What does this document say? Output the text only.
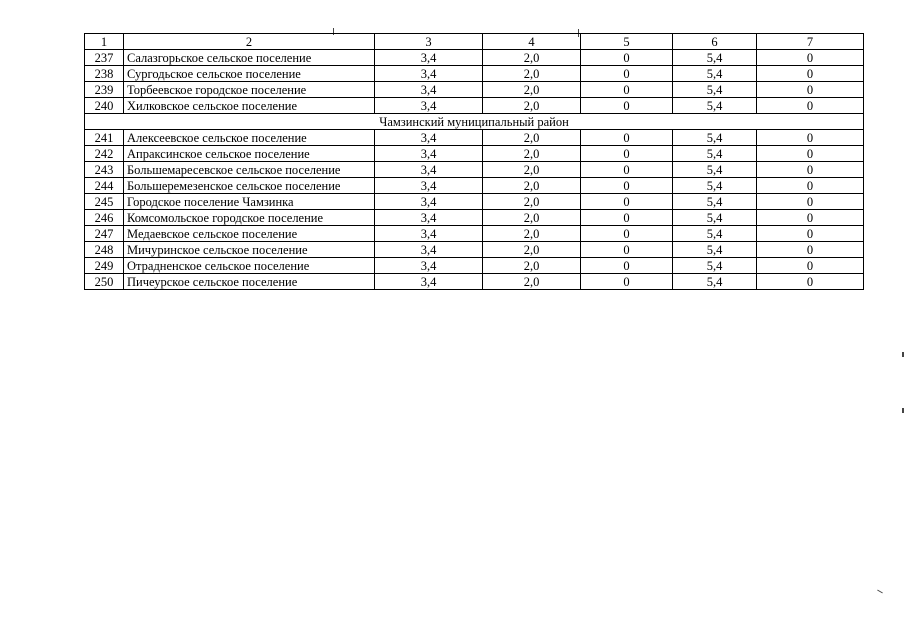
1	2	3	4	5	6	7
237	Салазгорьское сельское поселение	3,4	2,0	0	5,4	0
238	Сургодьское сельское поселение	3,4	2,0	0	5,4	0
239	Торбеевское городское поселение	3,4	2,0	0	5,4	0
240	Хилковское сельское поселение	3,4	2,0	0	5,4	0
Чамзинский муниципальный район						
241	Алексеевское сельское поселение	3,4	2,0	0	5,4	0
242	Апраксинское сельское поселение	3,4	2,0	0	5,4	0
243	Большемаресевское сельское поселение	3,4	2,0	0	5,4	0
244	Большеремезенское сельское поселение	3,4	2,0	0	5,4	0
245	Городское поселение Чамзинка	3,4	2,0	0	5,4	0
246	Комсомольское городское поселение	3,4	2,0	0	5,4	0
247	Медаевское сельское поселение	3,4	2,0	0	5,4	0
248	Мичуринское сельское поселение	3,4	2,0	0	5,4	0
249	Отрадненское сельское поселение	3,4	2,0	0	5,4	0
250	Пичеурское сельское поселение	3,4	2,0	0	5,4	0
